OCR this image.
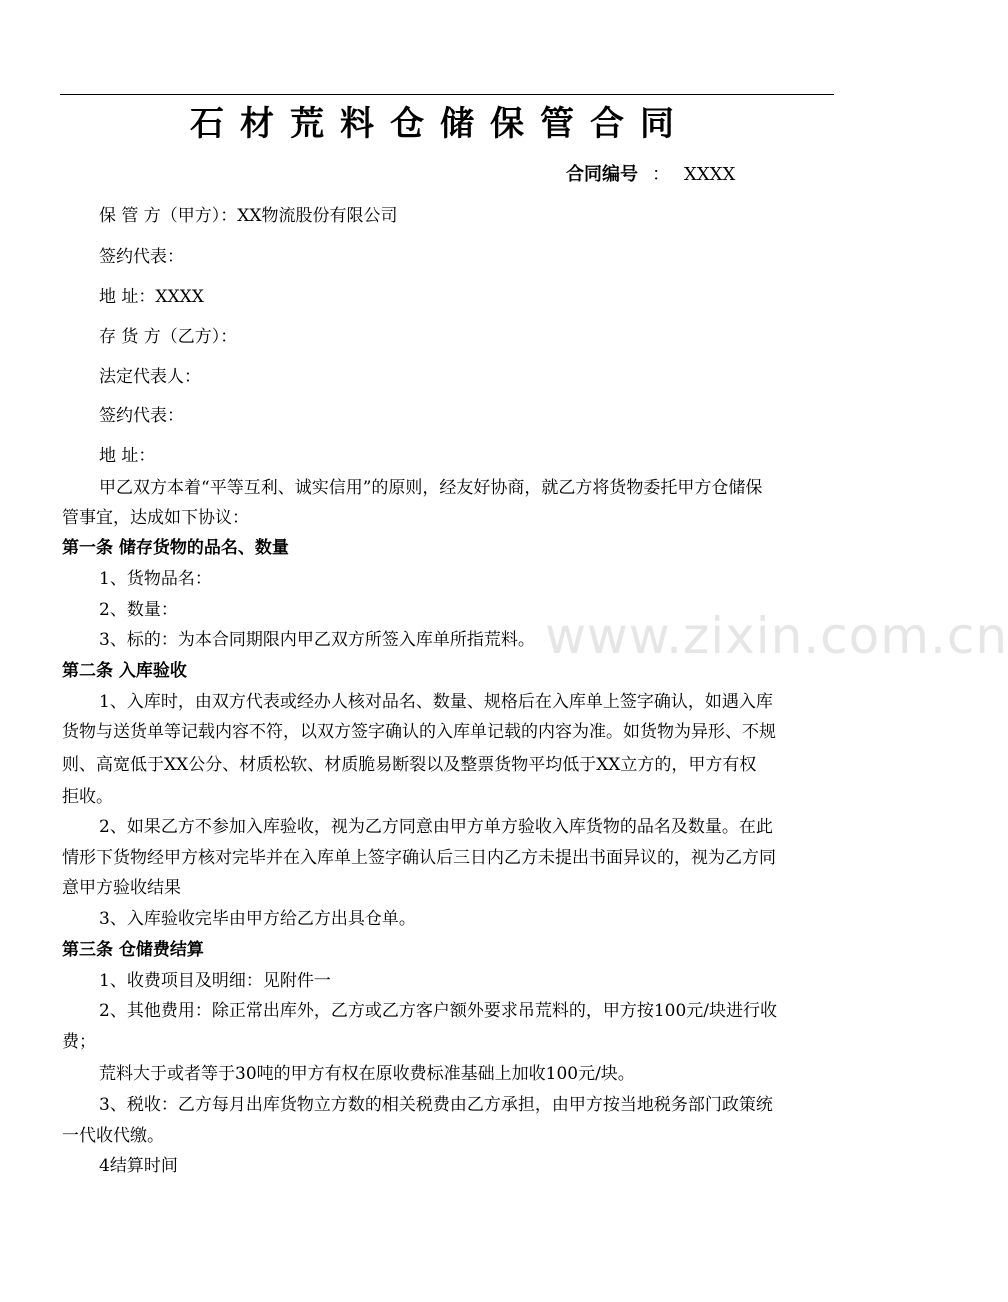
石材荒料仓储保管合同
合同编号 ： XXXX
www.zixin.com.cn
保 管 方（甲方）：XX物流股份有限公司
签约代表：
地 址：XXXX
存 货 方（乙方）：
法定代表人：
签约代表：
地 址：
甲乙双方本着“平等互利、诚实信用”的原则，经友好协商，就乙方将货物委托甲方仓储保
管事宜，达成如下协议：
第一条 储存货物的品名、数量
1、货物品名：
2、数量：
3、标的：为本合同期限内甲乙双方所签入库单所指荒料。
第二条 入库验收
1、入库时，由双方代表或经办人核对品名、数量、规格后在入库单上签字确认，如遇入库
货物与送货单等记载内容不符，以双方签字确认的入库单记载的内容为准。如货物为异形、不规
则、高宽低于XX公分、材质松软、材质脆易断裂以及整票货物平均低于XX立方的，甲方有权
拒收。
2、如果乙方不参加入库验收，视为乙方同意由甲方单方验收入库货物的品名及数量。在此
情形下货物经甲方核对完毕并在入库单上签字确认后三日内乙方未提出书面异议的，视为乙方同
意甲方验收结果
3、入库验收完毕由甲方给乙方出具仓单。
第三条 仓储费结算
1、收费项目及明细：见附件一
2、其他费用：除正常出库外，乙方或乙方客户额外要求吊荒料的，甲方按100元/块进行收
费；
荒料大于或者等于30吨的甲方有权在原收费标准基础上加收100元/块。
3、税收：乙方每月出库货物立方数的相关税费由乙方承担，由甲方按当地税务部门政策统
一代收代缴。
4结算时间
